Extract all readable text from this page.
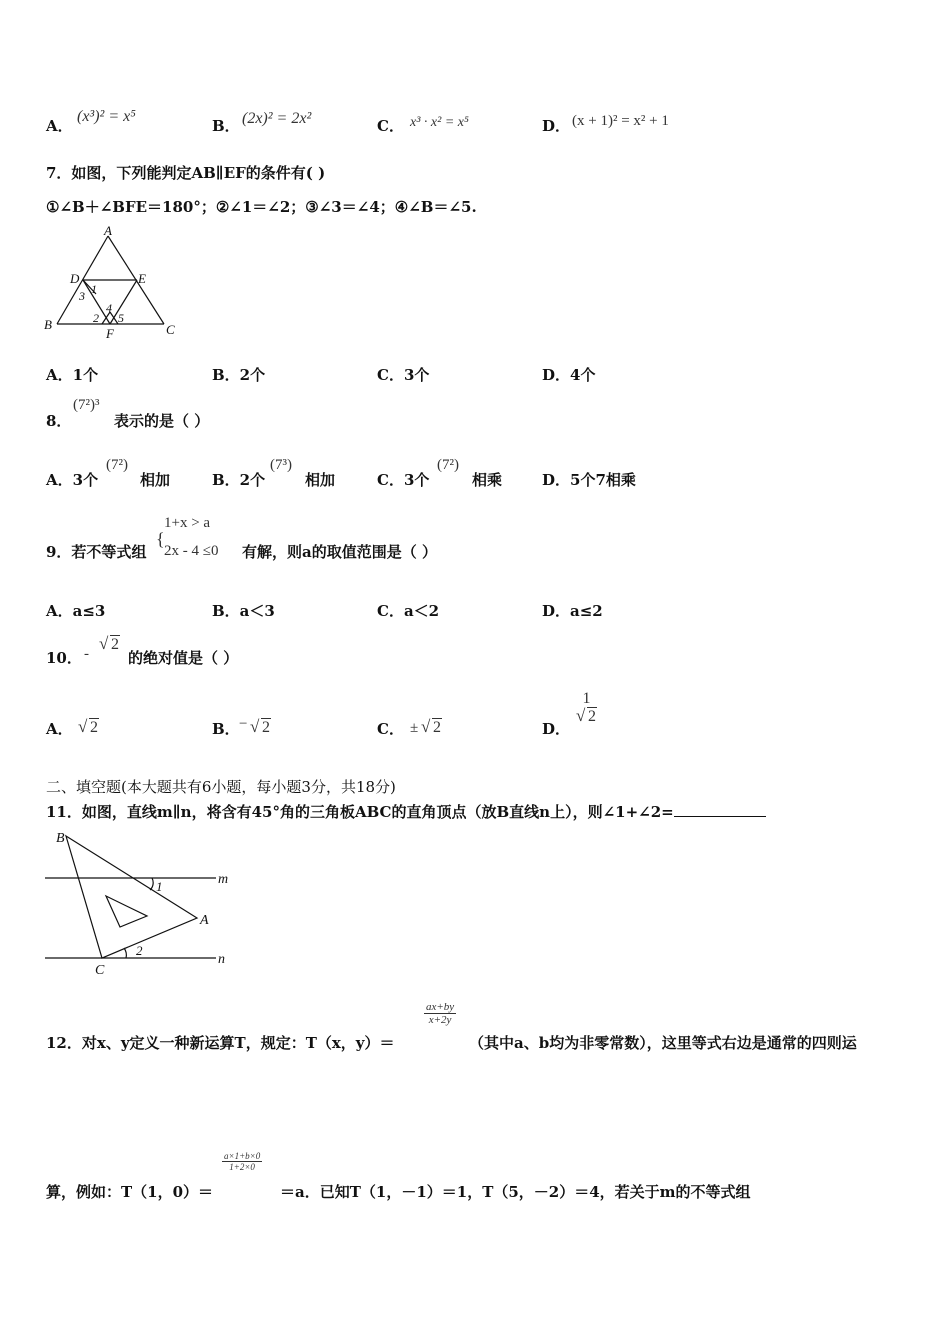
A．
(x³)² = x⁵
B． (2x)² = 2x²	C． x³ · x² = x⁵	D． (x + 1)² = x² + 1
7．如图，下列能判定AB∥EF的条件有( )
①∠B＋∠BFE＝180°；②∠1＝∠2；③∠3＝∠4；④∠B＝∠5.
A
D	E
1
3
4
2 5
B
F	C
A．1个	B．2个	C．3个	D．4个
8．
(7²)³
表示的是（ ）
A．3个
(7²)
相加	B．2个
(7³)
相加	C．3个
(7²)
相乘	D．5个7相乘
9．若不等式组
{
1+x > a
2x - 4 ≤0 有解，则a的取值范围是（ ）
A．a≤3	B．a＜3	C．a＜2	D．a≤2
10． -
√ 2
的绝对值是（ ）
A．	√ 2	B． − √ 2	C． ± √ 2	D．
1
√ 2
二、填空题(本大题共有6小题，每小题3分，共18分)
11．如图，直线m∥n，将含有45°角的三角板ABC的直角顶点（放B直线n上），则∠1+∠2=
B
m
1
A
C
2
n
12．对x、y定义一种新运算T，规定：T（x，y）＝
$\frac{ax+by}{x+2y}$
（其中a、b均为非零常数），这里等式右边是通常的四则运
算，例如：T（1，0）＝
$\frac{a\times 1+b\times 0}{1+2\times 0}$
＝a．已知T（1，－1）＝1，T（5，－2）＝4，若关于m的不等式组
